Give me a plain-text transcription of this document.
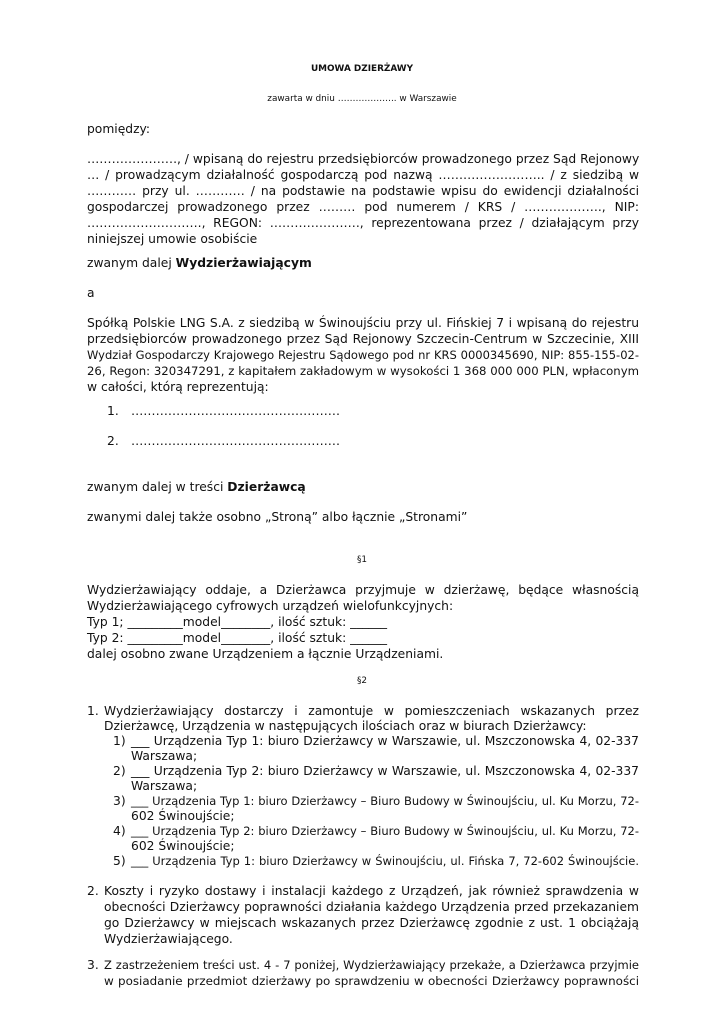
UMOWA DZIERŻAWY
zawarta w dniu ……………….. w Warszawie
pomiędzy:
…………………., / wpisaną do rejestru przedsiębiorców prowadzonego przez Sąd Rejonowy
… / prowadzącym działalność gospodarczą pod nazwą …………………….. / z siedzibą w
………… przy ul. ………… / na podstawie na podstawie wpisu do ewidencji działalności
gospodarczej prowadzonego przez ……… pod numerem / KRS / ………………., NIP:
………………………., REGON: …………………., reprezentowana przez / działającym przy
niniejszej umowie osobiście
zwanym dalej Wydzierżawiającym
a
Spółką Polskie LNG S.A. z siedzibą w Świnoujściu przy ul. Fińskiej 7 i wpisaną do rejestru
przedsiębiorców prowadzonego przez Sąd Rejonowy Szczecin-Centrum w Szczecinie, XIII
Wydział Gospodarczy Krajowego Rejestru Sądowego pod nr KRS 0000345690, NIP: 855-155-02-
26, Regon: 320347291, z kapitałem zakładowym w wysokości 1 368 000 000 PLN, wpłaconym
w całości, którą reprezentują:
1. ……………………………………………
2. ……………………………………………
zwanym dalej w treści Dzierżawcą
zwanymi dalej także osobno „Stroną” albo łącznie „Stronami”
§1
Wydzierżawiający oddaje, a Dzierżawca przyjmuje w dzierżawę, będące własnością
Wydzierżawiającego cyfrowych urządzeń wielofunkcyjnych:
Typ 1; _________model________, ilość sztuk: ______
Typ 2: _________model________, ilość sztuk: ______
dalej osobno zwane Urządzeniem a łącznie Urządzeniami.
§2
1. Wydzierżawiający dostarczy i zamontuje w pomieszczeniach wskazanych przez
Dzierżawcę, Urządzenia w następujących ilościach oraz w biurach Dzierżawcy:
1) ___ Urządzenia Typ 1: biuro Dzierżawcy w Warszawie, ul. Mszczonowska 4, 02-337
Warszawa;
2) ___ Urządzenia Typ 2: biuro Dzierżawcy w Warszawie, ul. Mszczonowska 4, 02-337
Warszawa;
3) ___ Urządzenia Typ 1: biuro Dzierżawcy – Biuro Budowy w Świnoujściu, ul. Ku Morzu, 72-
602 Świnoujście;
4) ___ Urządzenia Typ 2: biuro Dzierżawcy – Biuro Budowy w Świnoujściu, ul. Ku Morzu, 72-
602 Świnoujście;
5) ___ Urządzenia Typ 1: biuro Dzierżawcy w Świnoujściu, ul. Fińska 7, 72-602 Świnoujście.
2. Koszty i ryzyko dostawy i instalacji każdego z Urządzeń, jak również sprawdzenia w
obecności Dzierżawcy poprawności działania każdego Urządzenia przed przekazaniem
go Dzierżawcy w miejscach wskazanych przez Dzierżawcę zgodnie z ust. 1 obciążają
Wydzierżawiającego.
3. Z zastrzeżeniem treści ust. 4 - 7 poniżej, Wydzierżawiający przekaże, a Dzierżawca przyjmie
w posiadanie przedmiot dzierżawy po sprawdzeniu w obecności Dzierżawcy poprawności
